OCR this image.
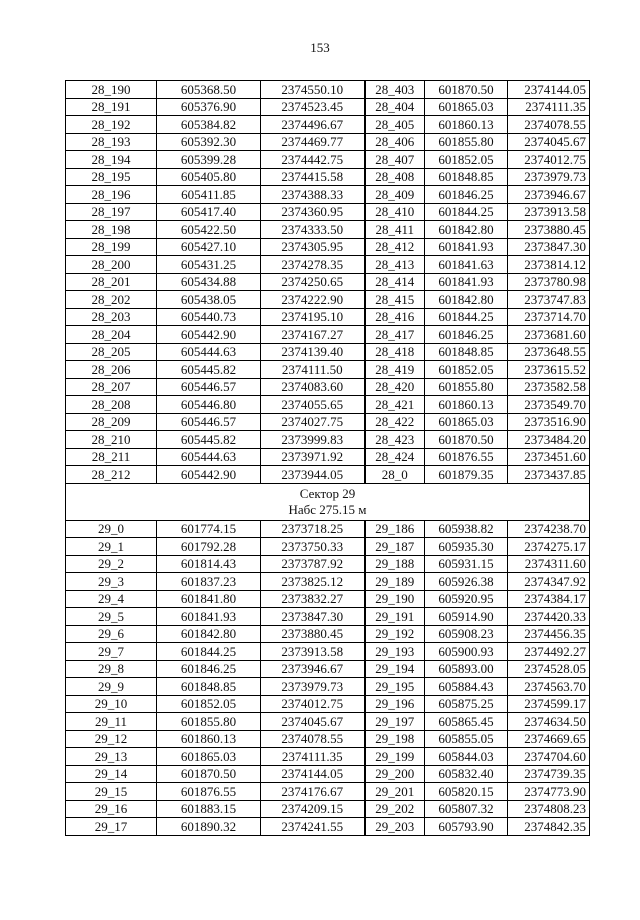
153
28_190	605368.50	2374550.10	28_403	601870.50	2374144.05
28_191	605376.90	2374523.45	28_404	601865.03	2374111.35
28_192	605384.82	2374496.67	28_405	601860.13	2374078.55
28_193	605392.30	2374469.77	28_406	601855.80	2374045.67
28_194	605399.28	2374442.75	28_407	601852.05	2374012.75
28_195	605405.80	2374415.58	28_408	601848.85	2373979.73
28_196	605411.85	2374388.33	28_409	601846.25	2373946.67
28_197	605417.40	2374360.95	28_410	601844.25	2373913.58
28_198	605422.50	2374333.50	28_411	601842.80	2373880.45
28_199	605427.10	2374305.95	28_412	601841.93	2373847.30
28_200	605431.25	2374278.35	28_413	601841.63	2373814.12
28_201	605434.88	2374250.65	28_414	601841.93	2373780.98
28_202	605438.05	2374222.90	28_415	601842.80	2373747.83
28_203	605440.73	2374195.10	28_416	601844.25	2373714.70
28_204	605442.90	2374167.27	28_417	601846.25	2373681.60
28_205	605444.63	2374139.40	28_418	601848.85	2373648.55
28_206	605445.82	2374111.50	28_419	601852.05	2373615.52
28_207	605446.57	2374083.60	28_420	601855.80	2373582.58
28_208	605446.80	2374055.65	28_421	601860.13	2373549.70
28_209	605446.57	2374027.75	28_422	601865.03	2373516.90
28_210	605445.82	2373999.83	28_423	601870.50	2373484.20
28_211	605444.63	2373971.92	28_424	601876.55	2373451.60
28_212	605442.90	2373944.05	28_0	601879.35	2373437.85

Сектор 29
Набс 275.15 м					

29_0	601774.15	2373718.25	29_186	605938.82	2374238.70
29_1	601792.28	2373750.33	29_187	605935.30	2374275.17
29_2	601814.43	2373787.92	29_188	605931.15	2374311.60
29_3	601837.23	2373825.12	29_189	605926.38	2374347.92
29_4	601841.80	2373832.27	29_190	605920.95	2374384.17
29_5	601841.93	2373847.30	29_191	605914.90	2374420.33
29_6	601842.80	2373880.45	29_192	605908.23	2374456.35
29_7	601844.25	2373913.58	29_193	605900.93	2374492.27
29_8	601846.25	2373946.67	29_194	605893.00	2374528.05
29_9	601848.85	2373979.73	29_195	605884.43	2374563.70
29_10	601852.05	2374012.75	29_196	605875.25	2374599.17
29_11	601855.80	2374045.67	29_197	605865.45	2374634.50
29_12	601860.13	2374078.55	29_198	605855.05	2374669.65
29_13	601865.03	2374111.35	29_199	605844.03	2374704.60
29_14	601870.50	2374144.05	29_200	605832.40	2374739.35
29_15	601876.55	2374176.67	29_201	605820.15	2374773.90
29_16	601883.15	2374209.15	29_202	605807.32	2374808.23
29_17	601890.32	2374241.55	29_203	605793.90	2374842.35
